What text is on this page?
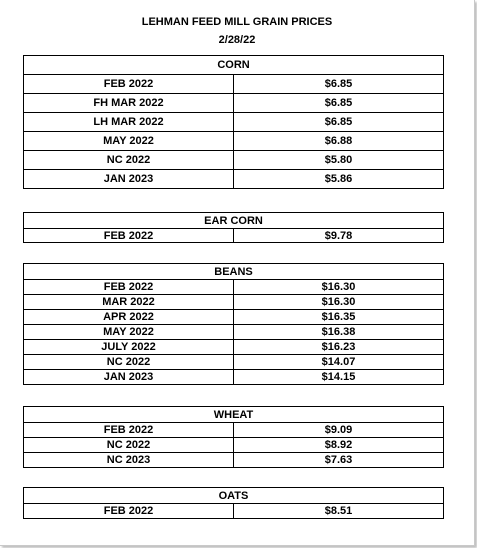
LEHMAN FEED MILL GRAIN PRICES
2/28/22
CORN	
FEB 2022	$6.85
FH MAR 2022	$6.85
LH MAR 2022	$6.85
MAY 2022	$6.88
NC 2022	$5.80
JAN 2023	$5.86
EAR CORN
FEB 2022	$9.78
BEANS	
FEB 2022	$16.30
MAR 2022	$16.30
APR 2022	$16.35
MAY 2022	$16.38
JULY 2022	$16.23
NC 2022	$14.07
JAN 2023	$14.15
WHEAT	
FEB 2022	$9.09
NC 2022	$8.92
NC 2023	$7.63
OATS
FEB 2022	$8.51
